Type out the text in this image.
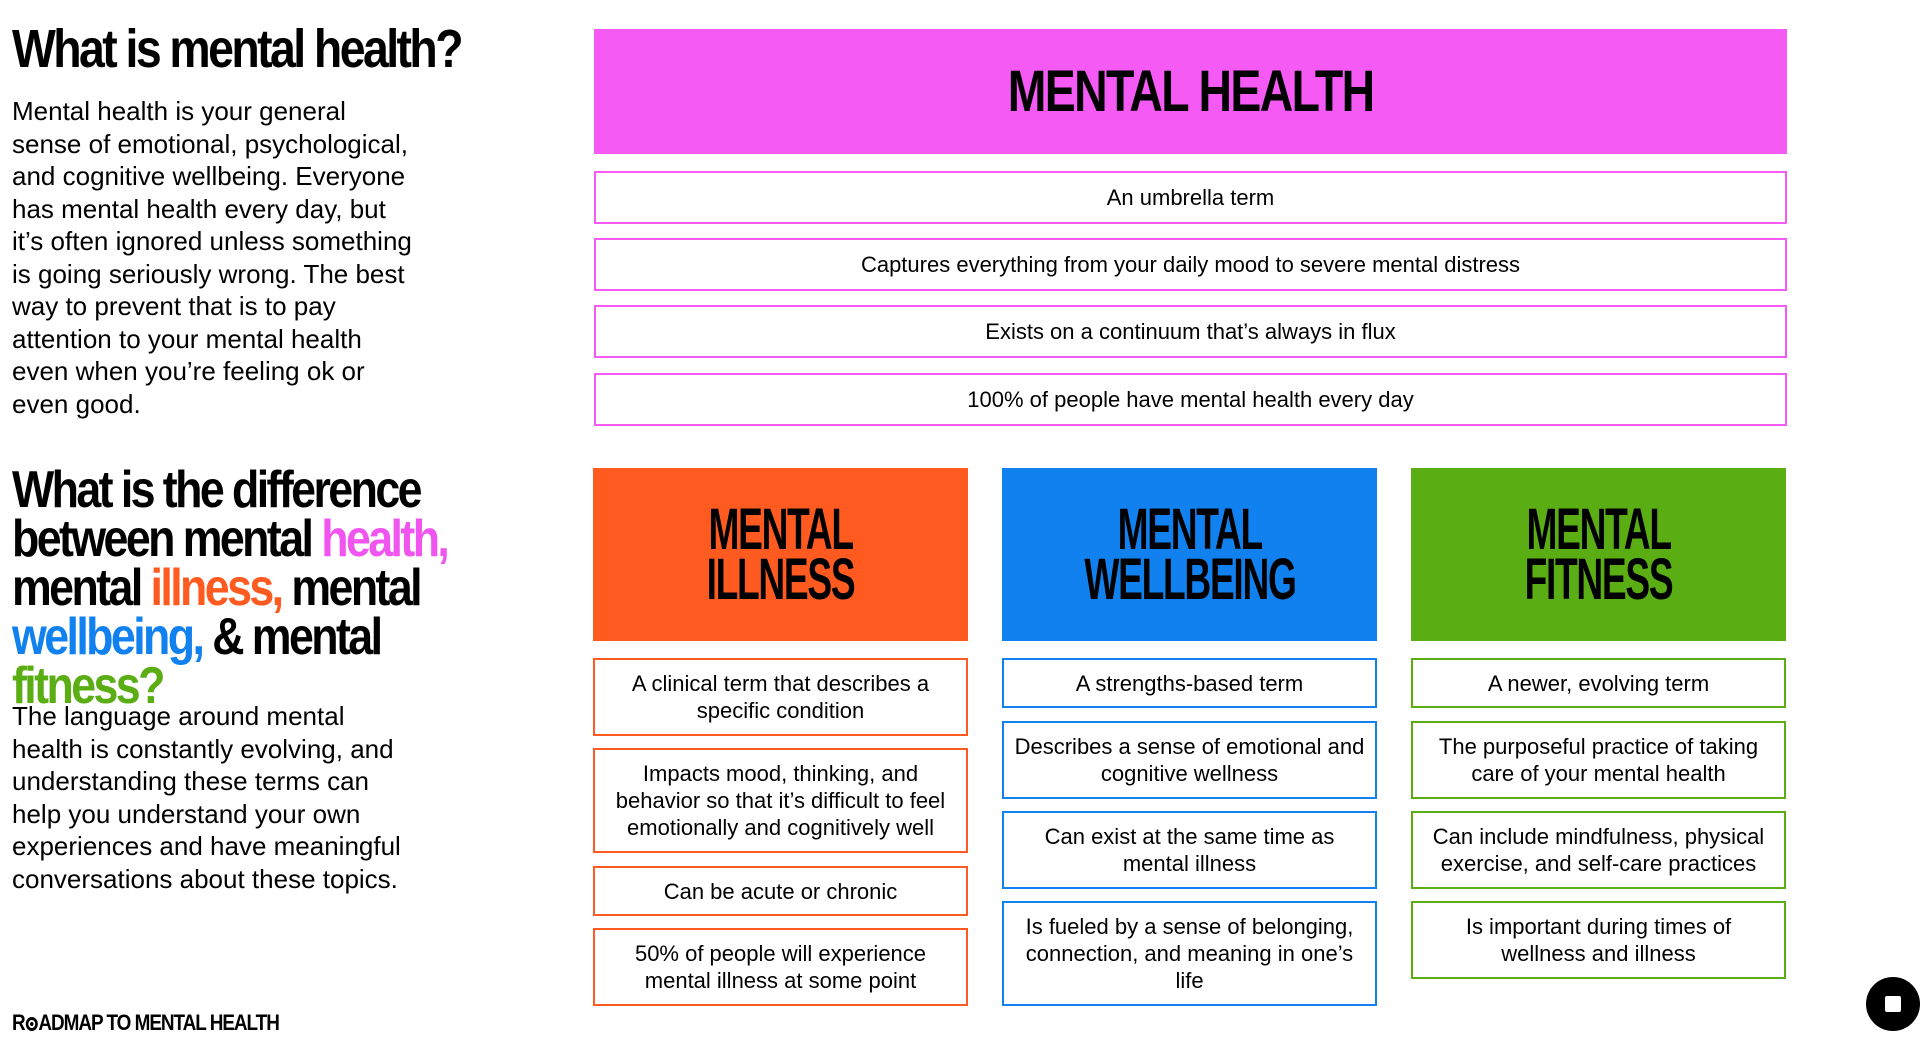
What is mental health?

Mental health is your general sense of emotional, psychological, and cognitive wellbeing. Everyone has mental health every day, but it’s often ignored unless something is going seriously wrong. The best way to prevent that is to pay attention to your mental health even when you’re feeling ok or even good.

What is the difference between mental health, mental illness, mental wellbeing, & mental fitness?

The language around mental health is constantly evolving, and understanding these terms can help you understand your own experiences and have meaningful conversations about these topics.

R ADMAP TO MENTAL HEALTH
MENTAL HEALTH
An umbrella term
Captures everything from your daily mood to severe mental distress
Exists on a continuum that’s always in flux
100% of people have mental health every day
MENTAL
ILLNESS
A clinical term that describes a specific condition
Impacts mood, thinking, and behavior so that it’s difficult to feel emotionally and cognitively well
Can be acute or chronic
50% of people will experience mental illness at some point
MENTAL
WELLBEING
A strengths-based term
Describes a sense of emotional and cognitive wellness
Can exist at the same time as mental illness
Is fueled by a sense of belonging, connection, and meaning in one’s life
MENTAL
FITNESS
A newer, evolving term
The purposeful practice of taking care of your mental health
Can include mindfulness, physical exercise, and self-care practices
Is important during times of wellness and illness
